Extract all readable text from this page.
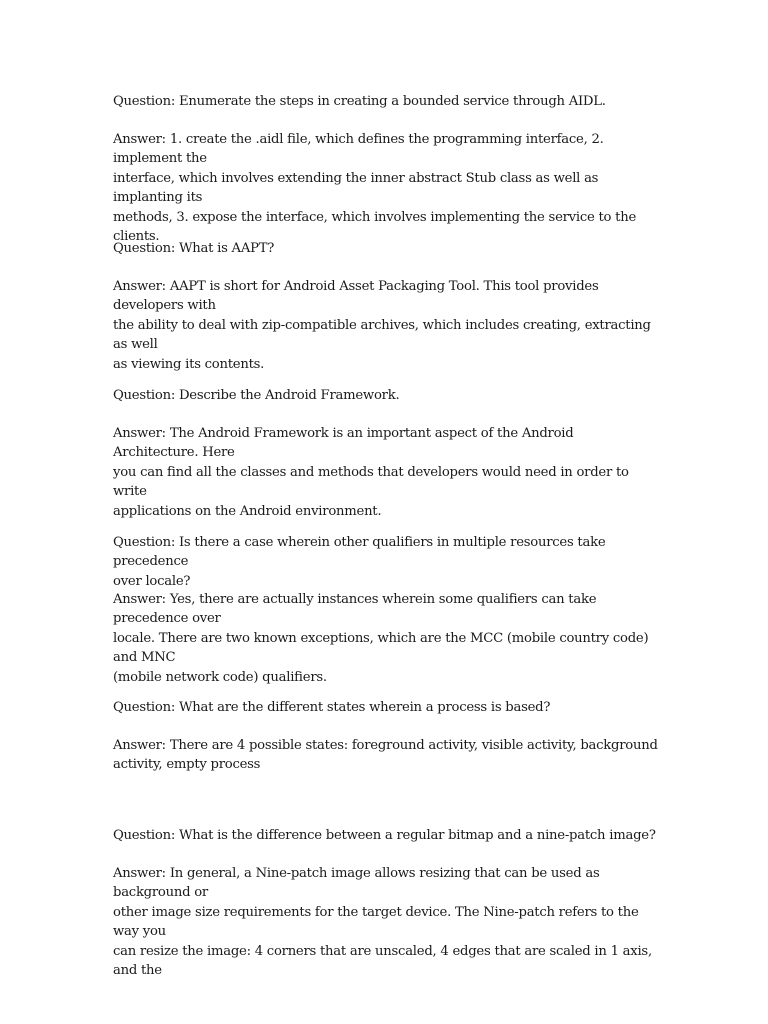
Question: Enumerate the steps in creating a bounded service through AIDL.

Answer: 1. create the .aidl file, which defines the programming interface, 2. implement the
interface, which involves extending the inner abstract Stub class as well as implanting its
methods, 3. expose the interface, which involves implementing the service to the clients.

Question: What is AAPT?

Answer: AAPT is short for Android Asset Packaging Tool. This tool provides developers with
the ability to deal with zip-compatible archives, which includes creating, extracting as well
as viewing its contents.

Question: Describe the Android Framework.

Answer: The Android Framework is an important aspect of the Android Architecture. Here
you can find all the classes and methods that developers would need in order to write
applications on the Android environment.

Question: Is there a case wherein other qualifiers in multiple resources take precedence
over locale?

Answer: Yes, there are actually instances wherein some qualifiers can take precedence over
locale. There are two known exceptions, which are the MCC (mobile country code) and MNC
(mobile network code) qualifiers.

Question: What are the different states wherein a process is based?

Answer: There are 4 possible states: foreground activity, visible activity, background
activity, empty process

Question: What is the difference between a regular bitmap and a nine-patch image?

Answer: In general, a Nine-patch image allows resizing that can be used as background or
other image size requirements for the target device. The Nine-patch refers to the way you
can resize the image: 4 corners that are unscaled, 4 edges that are scaled in 1 axis, and the
